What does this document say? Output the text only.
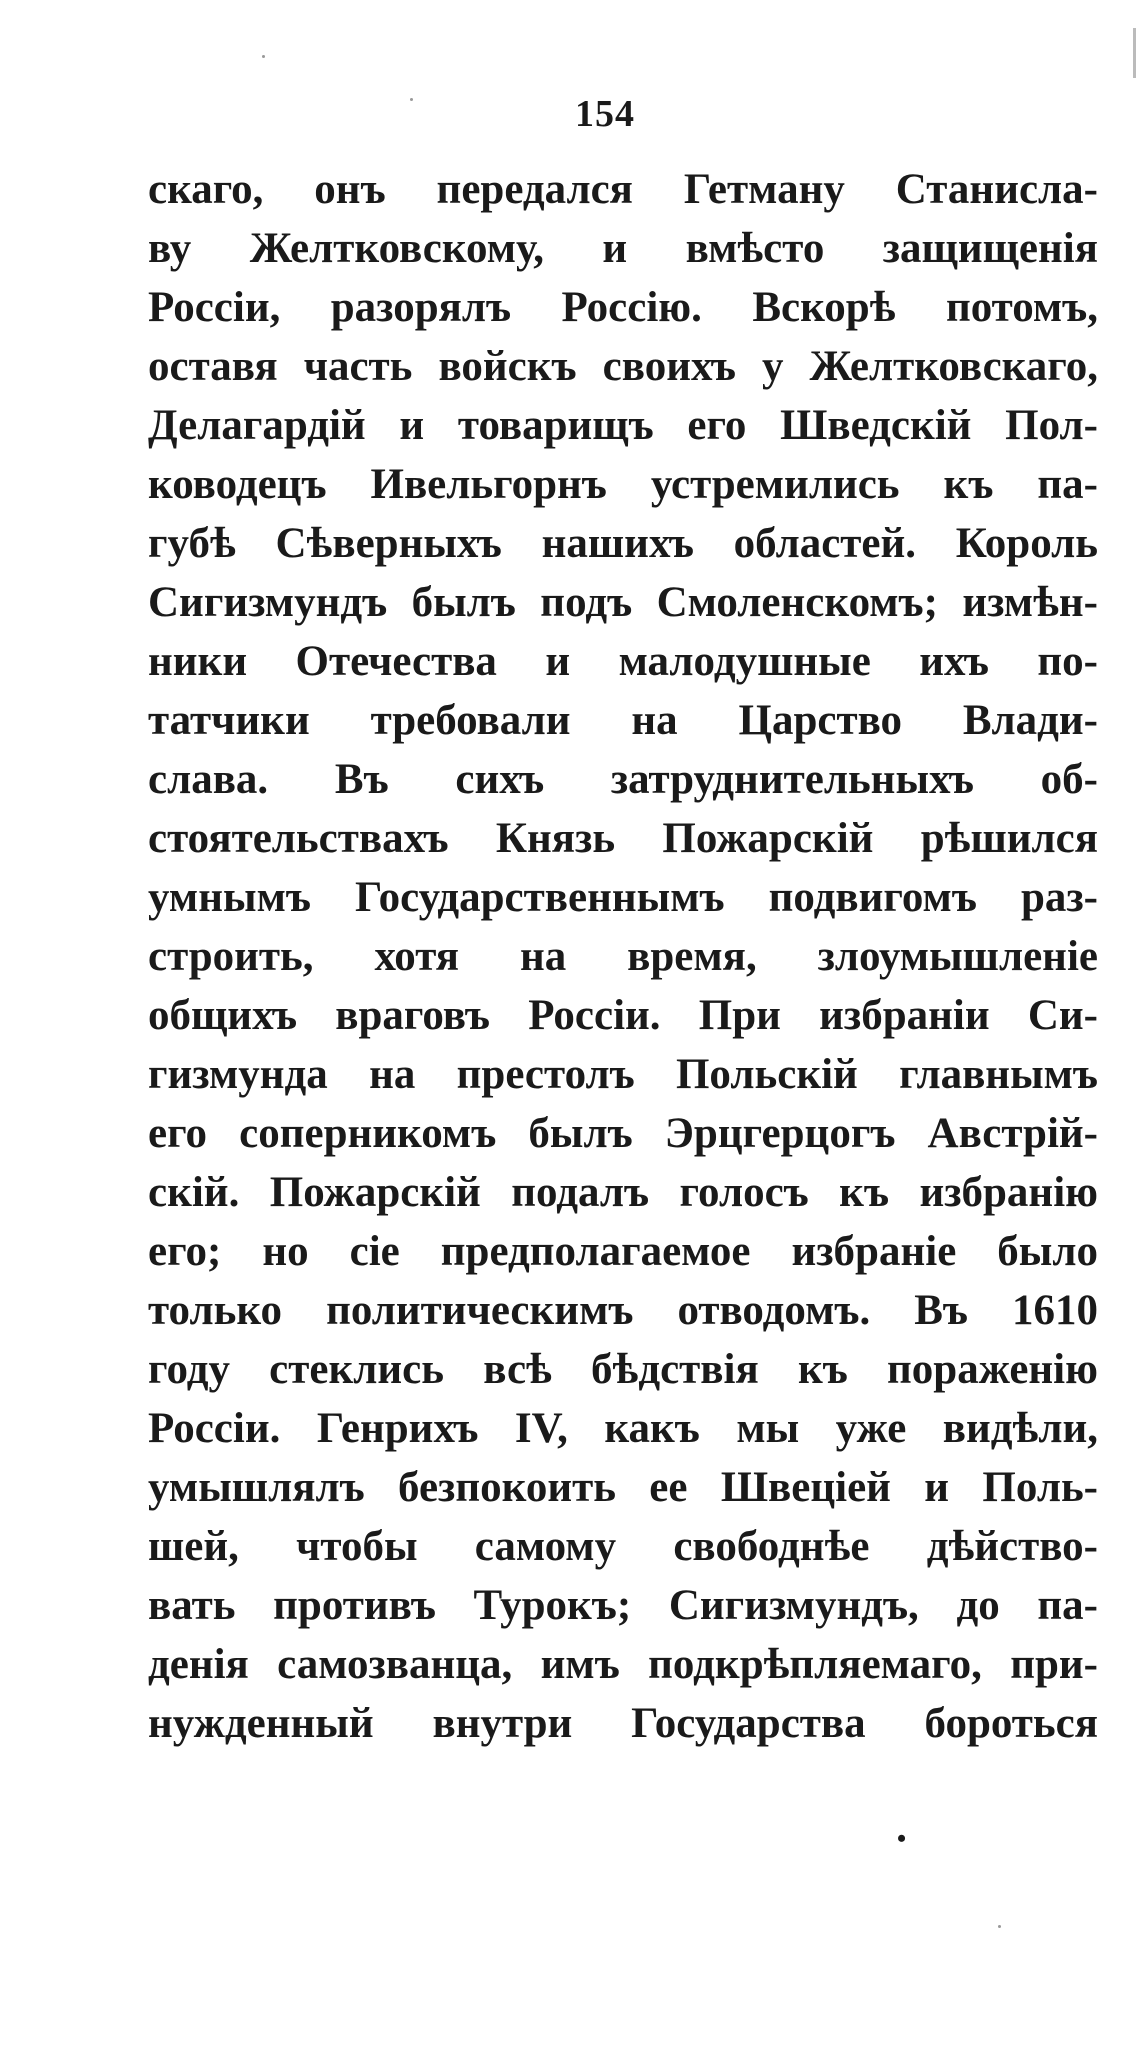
154
скаго, онъ передался Гетману Станисла-
ву Желтковскому, и вмѣсто защищенія
Россіи, разорялъ Россію. Вскорѣ потомъ,
оставя часть войскъ своихъ у Желтковскаго,
Делагардій и товарищъ его Шведскій Пол-
ководецъ Ивельгорнъ устремились къ па-
губѣ Сѣверныхъ нашихъ областей. Король
Сигизмундъ былъ подъ Смоленскомъ; измѣн-
ники Отечества и малодушные ихъ по-
татчики требовали на Царство Влади-
слава. Въ сихъ затруднительныхъ об-
стоятельствахъ Князь Пожарскій рѣшился
умнымъ Государственнымъ подвигомъ раз-
строить, хотя на время, злоумышленіе
общихъ враговъ Россіи. При избраніи Си-
гизмунда на престолъ Польскій главнымъ
его соперникомъ былъ Эрцгерцогъ Австрій-
скій. Пожарскій подалъ голосъ къ избранію
его; но сіе предполагаемое избраніе было
только политическимъ отводомъ. Въ 1610
году стеклись всѣ бѣдствія къ пораженію
Россіи. Генрихъ IV, какъ мы уже видѣли,
умышлялъ безпокоить ее Швеціей и Поль-
шей, чтобы самому свободнѣе дѣйство-
вать противъ Турокъ; Сигизмундъ, до па-
денія самозванца, имъ подкрѣпляемаго, при-
нужденный внутри Государства бороться
•
